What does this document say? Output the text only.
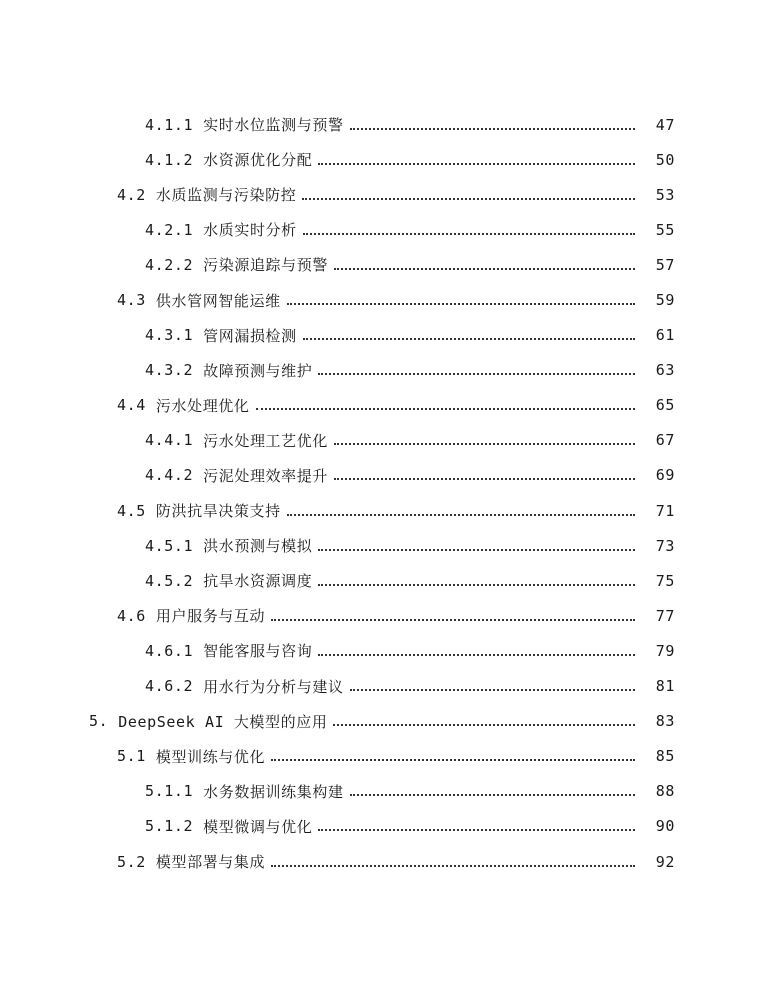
4.1.1 实时水位监测与预警	47
4.1.2 水资源优化分配	50
4.2 水质监测与污染防控	53
4.2.1 水质实时分析	55
4.2.2 污染源追踪与预警	57
4.3 供水管网智能运维	59
4.3.1 管网漏损检测	61
4.3.2 故障预测与维护	63
4.4 污水处理优化	65
4.4.1 污水处理工艺优化	67
4.4.2 污泥处理效率提升	69
4.5 防洪抗旱决策支持	71
4.5.1 洪水预测与模拟	73
4.5.2 抗旱水资源调度	75
4.6 用户服务与互动	77
4.6.1 智能客服与咨询	79
4.6.2 用水行为分析与建议	81
5. DeepSeek AI 大模型的应用	83
5.1 模型训练与优化	85
5.1.1 水务数据训练集构建	88
5.1.2 模型微调与优化	90
5.2 模型部署与集成	92
